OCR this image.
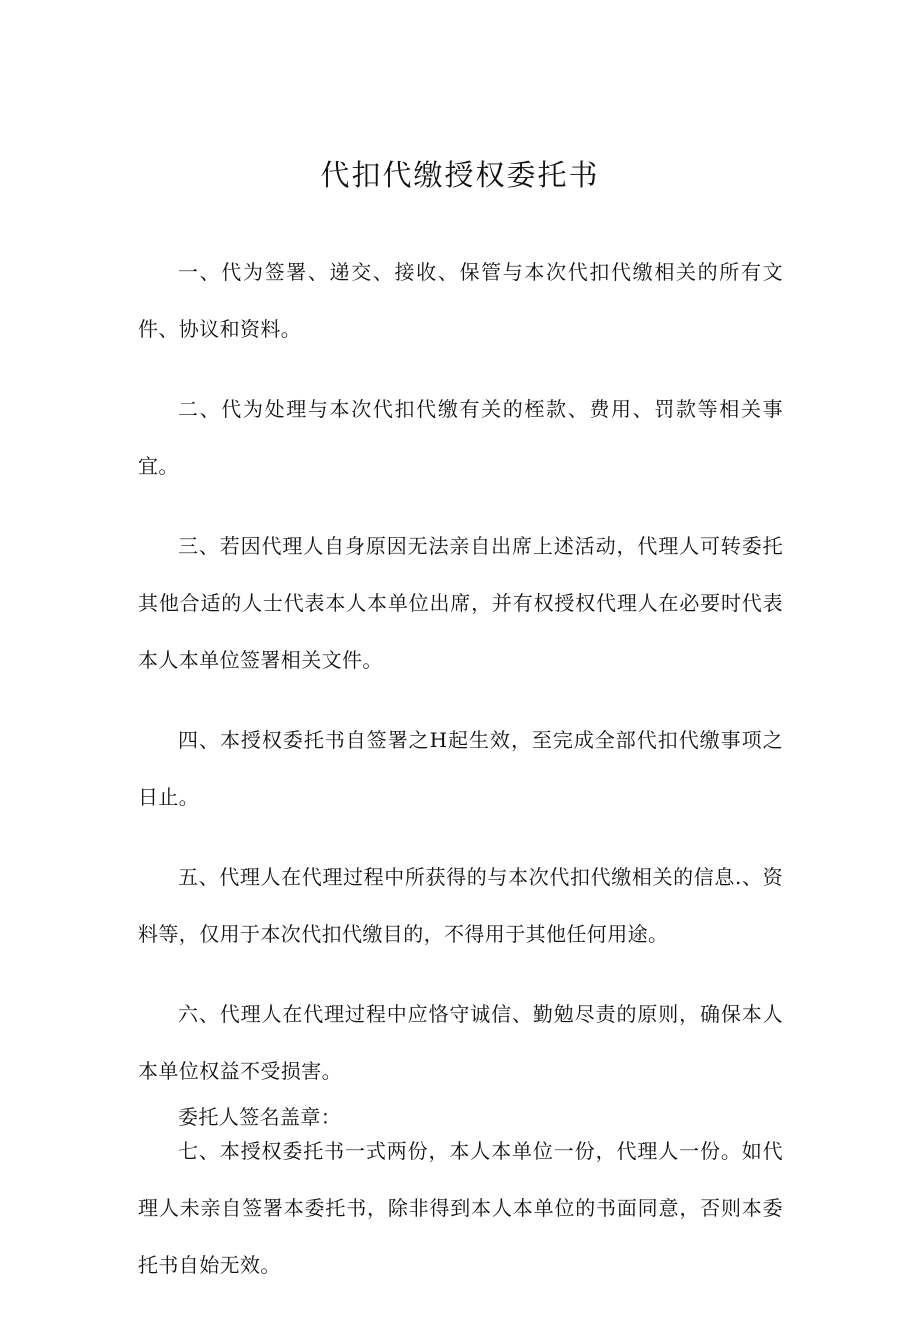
代扣代缴授权委托书

一、代为签署、递交、接收、保管与本次代扣代缴相关的所有文件、协议和资料。

二、代为处理与本次代扣代缴有关的桎款、费用、罚款等相关事宜。

三、若因代理人自身原因无法亲自出席上述活动，代理人可转委托其他合适的人士代表本人本单位出席，并有权授权代理人在必要时代表本人本单位签署相关文件。

四、本授权委托书自签署之H起生效，至完成全部代扣代缴事项之日止。

五、代理人在代理过程中所获得的与本次代扣代缴相关的信息.、资料等，仅用于本次代扣代缴目的，不得用于其他任何用途。

六、代理人在代理过程中应恪守诚信、勤勉尽责的原则，确保本人本单位权益不受损害。

七、本授权委托书一式两份，本人本单位一份，代理人一份。如代理人未亲自签署本委托书，除非得到本人本单位的书面同意，否则本委托书自始无效。

委托人签名盖章：
